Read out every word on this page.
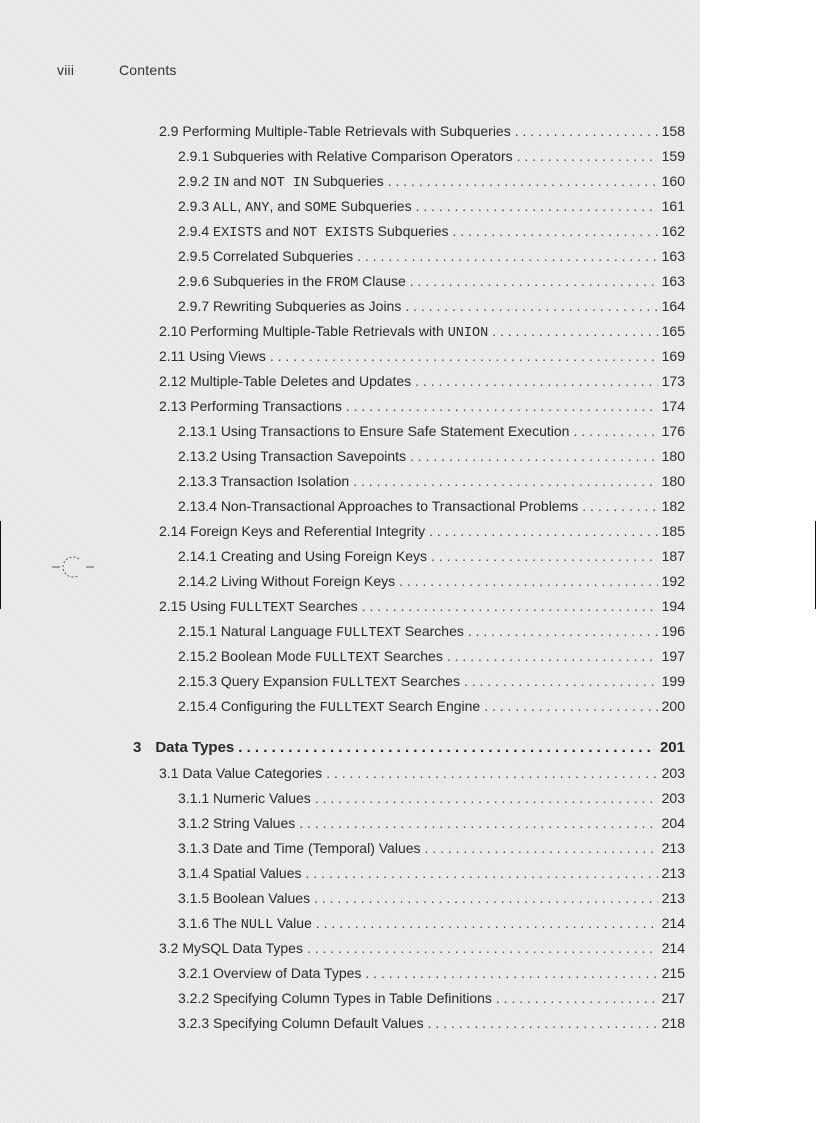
viii	Contents
2.9 Performing Multiple-Table Retrievals with Subqueries . . .	158
2.9.1 Subqueries with Relative Comparison Operators . . .	159
2.9.2 IN and NOT IN Subqueries . . .	160
2.9.3 ALL, ANY, and SOME Subqueries . . .	161
2.9.4 EXISTS and NOT EXISTS Subqueries . . .	162
2.9.5 Correlated Subqueries . . .	163
2.9.6 Subqueries in the FROM Clause . . .	163
2.9.7 Rewriting Subqueries as Joins . . .	164
2.10 Performing Multiple-Table Retrievals with UNION . . .	165
2.11 Using Views . . .	169
2.12 Multiple-Table Deletes and Updates . . .	173
2.13 Performing Transactions . . .	174
2.13.1 Using Transactions to Ensure Safe Statement Execution . . .	176
2.13.2 Using Transaction Savepoints . . .	180
2.13.3 Transaction Isolation . . .	180
2.13.4 Non-Transactional Approaches to Transactional Problems . . .	182
2.14 Foreign Keys and Referential Integrity . . .	185
2.14.1 Creating and Using Foreign Keys . . .	187
2.14.2 Living Without Foreign Keys . . .	192
2.15 Using FULLTEXT Searches . . .	194
2.15.1 Natural Language FULLTEXT Searches . . .	196
2.15.2 Boolean Mode FULLTEXT Searches . . .	197
2.15.3 Query Expansion FULLTEXT Searches . . .	199
2.15.4 Configuring the FULLTEXT Search Engine . . .	200
3 Data Types . . .	201
3.1 Data Value Categories . . .	203
3.1.1 Numeric Values . . .	203
3.1.2 String Values . . .	204
3.1.3 Date and Time (Temporal) Values . . .	213
3.1.4 Spatial Values . . .	213
3.1.5 Boolean Values . . .	213
3.1.6 The NULL Value . . .	214
3.2 MySQL Data Types . . .	214
3.2.1 Overview of Data Types . . .	215
3.2.2 Specifying Column Types in Table Definitions . . .	217
3.2.3 Specifying Column Default Values . . .	218
